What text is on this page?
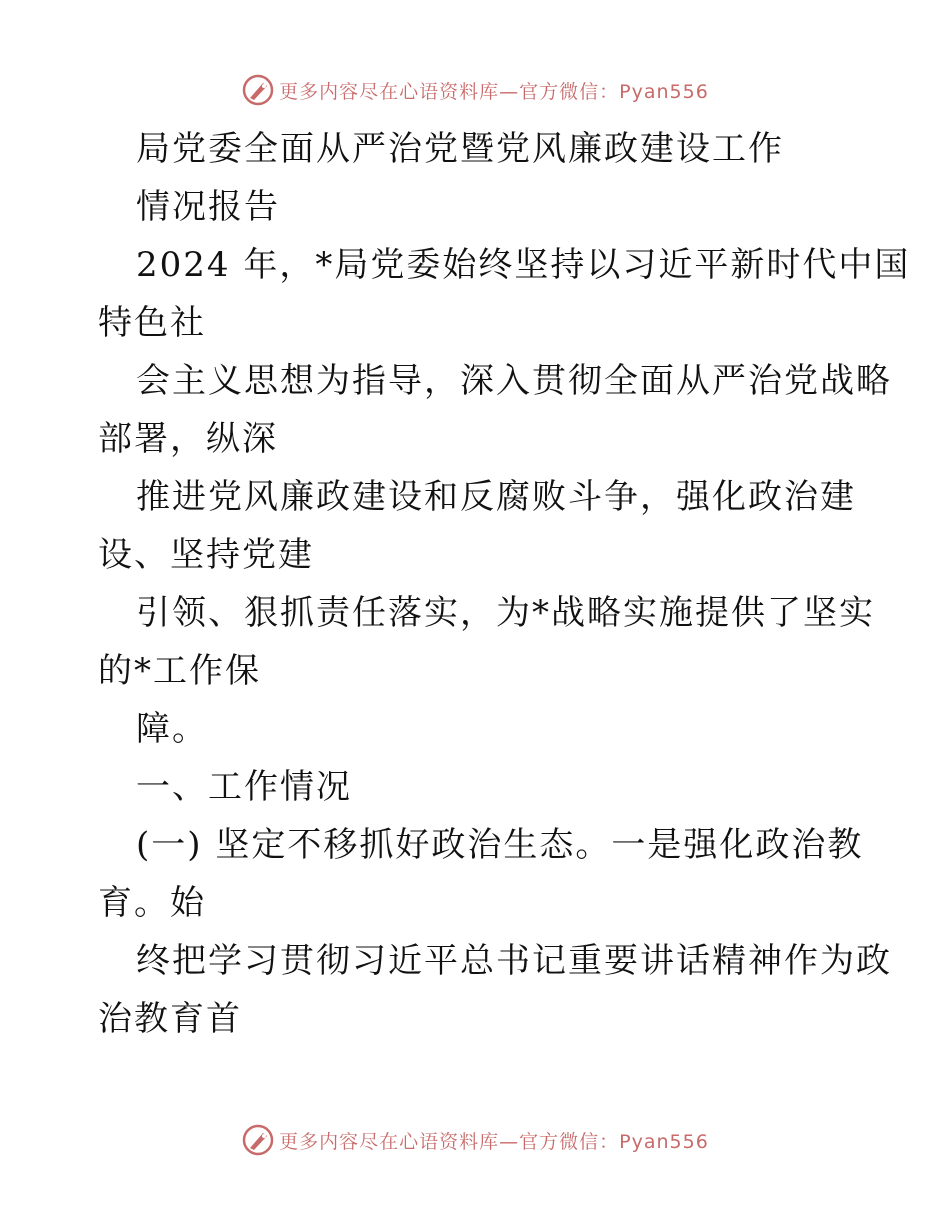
更多内容尽在心语资料库—官方微信：Pyan556
局党委全面从严治党暨党风廉政建设工作
情况报告
2024 年，*局党委始终坚持以习近平新时代中国
特色社
会主义思想为指导，深入贯彻全面从严治党战略
部署，纵深
推进党风廉政建设和反腐败斗争，强化政治建
设、坚持党建
引领、狠抓责任落实，为*战略实施提供了坚实
的*工作保
障。
一、工作情况
(一) 坚定不移抓好政治生态。一是强化政治教
育。始
终把学习贯彻习近平总书记重要讲话精神作为政
治教育首
更多内容尽在心语资料库—官方微信：Pyan556
